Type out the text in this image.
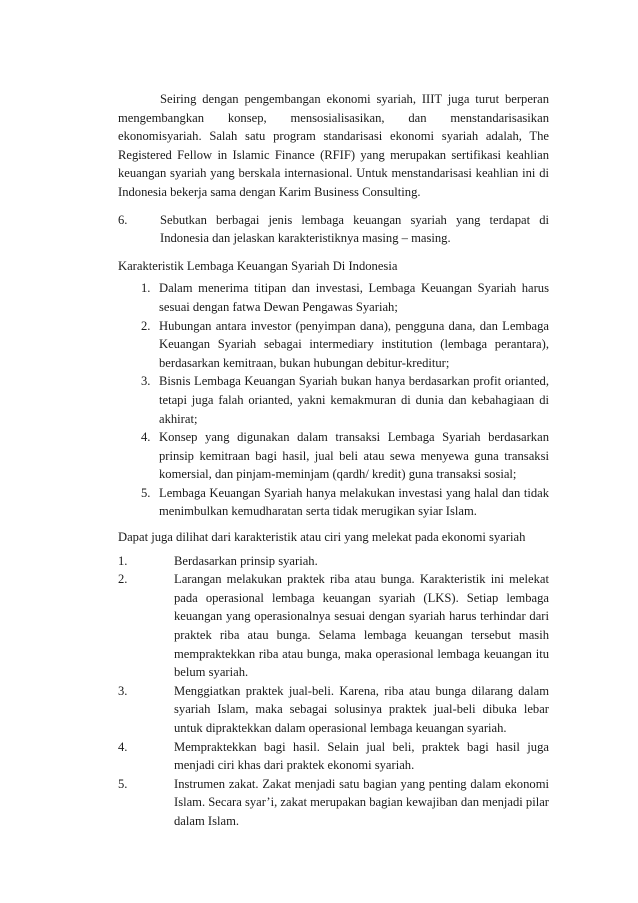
Seiring dengan pengembangan ekonomi syariah, IIIT juga turut berperan mengembangkan konsep, mensosialisasikan, dan menstandarisasikan ekonomisyariah. Salah satu program standarisasi ekonomi syariah adalah, The Registered Fellow in Islamic Finance (RFIF) yang merupakan sertifikasi keahlian keuangan syariah yang berskala internasional. Untuk menstandarisasi keahlian ini di Indonesia bekerja sama dengan Karim Business Consulting.

6.	Sebutkan berbagai jenis lembaga keuangan syariah yang terdapat di Indonesia dan jelaskan karakteristiknya masing – masing.

Karakteristik Lembaga Keuangan Syariah Di Indonesia

1. Dalam menerima titipan dan investasi, Lembaga Keuangan Syariah harus sesuai dengan fatwa Dewan Pengawas Syariah;
2. Hubungan antara investor (penyimpan dana), pengguna dana, dan Lembaga Keuangan Syariah sebagai intermediary institution (lembaga perantara), berdasarkan kemitraan, bukan hubungan debitur-kreditur;
3. Bisnis Lembaga Keuangan Syariah bukan hanya berdasarkan profit orianted, tetapi juga falah orianted, yakni kemakmuran di dunia dan kebahagiaan di akhirat;
4. Konsep yang digunakan dalam transaksi Lembaga Syariah berdasarkan prinsip kemitraan bagi hasil, jual beli atau sewa menyewa guna transaksi komersial, dan pinjam-meminjam (qardh/ kredit) guna transaksi sosial;
5. Lembaga Keuangan Syariah hanya melakukan investasi yang halal dan tidak menimbulkan kemudharatan serta tidak merugikan syiar Islam.

Dapat juga dilihat dari karakteristik atau ciri yang melekat pada ekonomi syariah

1.	Berdasarkan prinsip syariah.
2.	Larangan melakukan praktek riba atau bunga. Karakteristik ini melekat pada operasional lembaga keuangan syariah (LKS). Setiap lembaga keuangan yang operasionalnya sesuai dengan syariah harus terhindar dari praktek riba atau bunga. Selama lembaga keuangan tersebut masih mempraktekkan riba atau bunga, maka operasional lembaga keuangan itu belum syariah.
3.	Menggiatkan praktek jual-beli. Karena, riba atau bunga dilarang dalam syariah Islam, maka sebagai solusinya praktek jual-beli dibuka lebar untuk dipraktekkan dalam operasional lembaga keuangan syariah.
4.	Mempraktekkan bagi hasil. Selain jual beli, praktek bagi hasil juga menjadi ciri khas dari praktek ekonomi syariah.
5.	Instrumen zakat. Zakat menjadi satu bagian yang penting dalam ekonomi Islam. Secara syar’i, zakat merupakan bagian kewajiban dan menjadi pilar dalam Islam.
